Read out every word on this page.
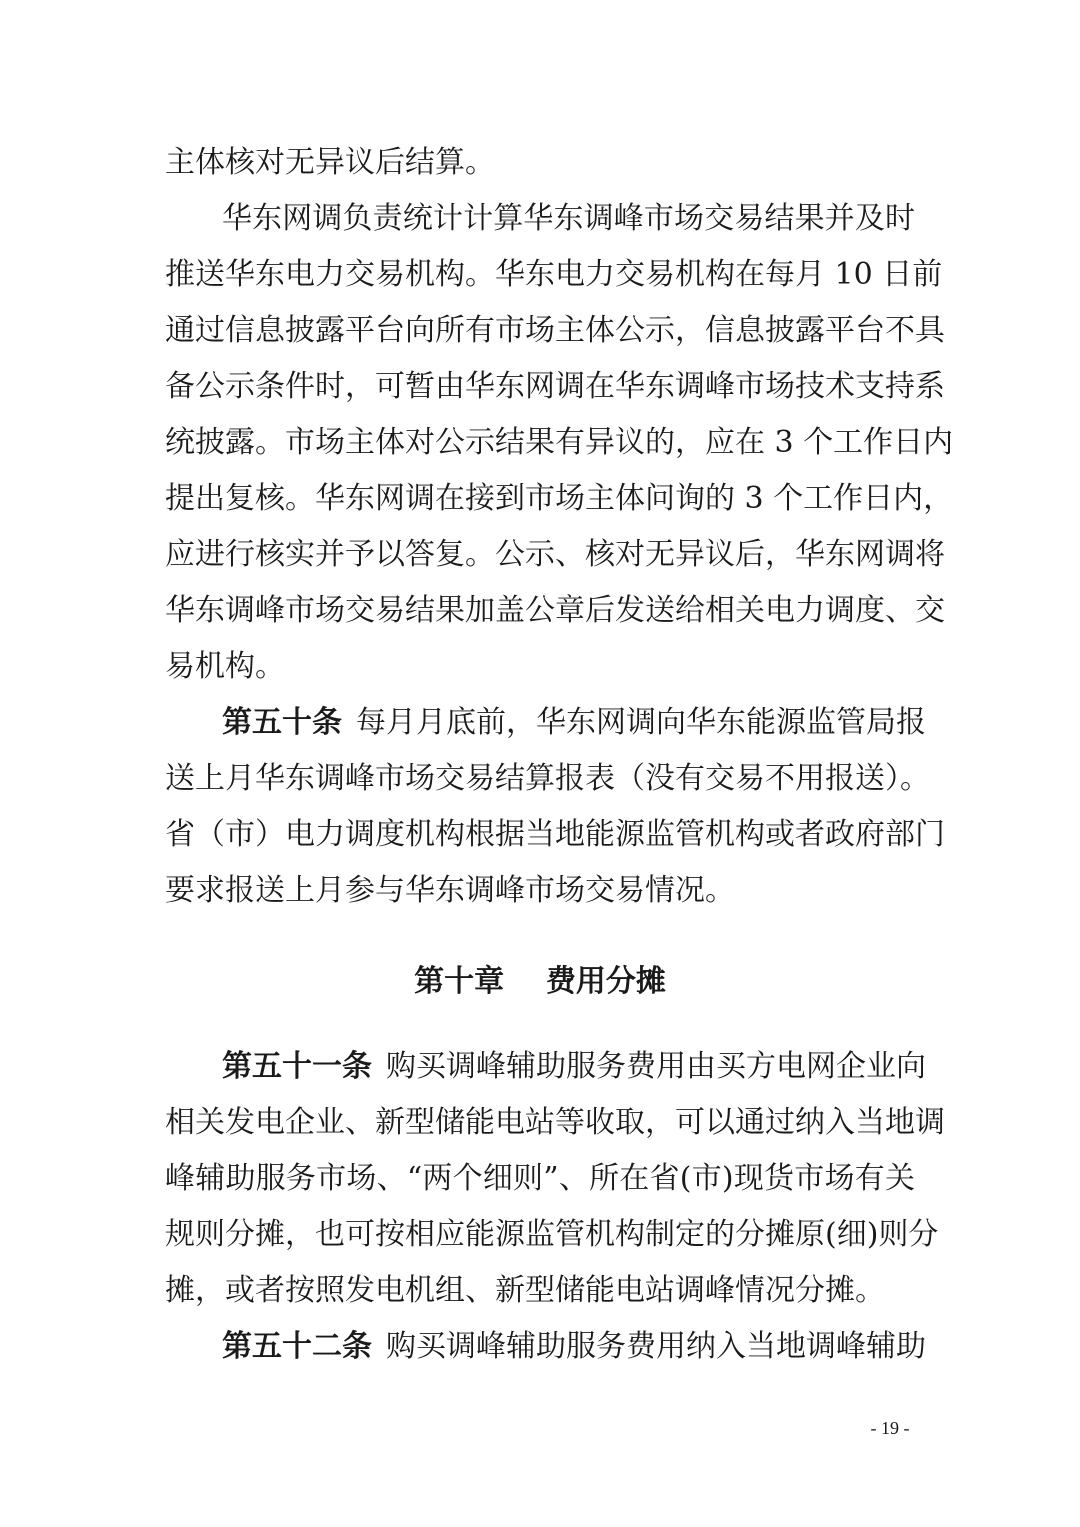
主体核对无异议后结算。
华东网调负责统计计算华东调峰市场交易结果并及时
推送华东电力交易机构。华东电力交易机构在每月 10 日前
通过信息披露平台向所有市场主体公示，信息披露平台不具
备公示条件时，可暂由华东网调在华东调峰市场技术支持系
统披露。市场主体对公示结果有异议的，应在 3 个工作日内
提出复核。华东网调在接到市场主体问询的 3 个工作日内，
应进行核实并予以答复。公示、核对无异议后，华东网调将
华东调峰市场交易结果加盖公章后发送给相关电力调度、交
易机构。
第五十条 每月月底前，华东网调向华东能源监管局报
送上月华东调峰市场交易结算报表（没有交易不用报送）。
省（市）电力调度机构根据当地能源监管机构或者政府部门
要求报送上月参与华东调峰市场交易情况。
第十章    费用分摊
第五十一条 购买调峰辅助服务费用由买方电网企业向
相关发电企业、新型储能电站等收取，可以通过纳入当地调
峰辅助服务市场、“两个细则”、所在省(市)现货市场有关
规则分摊，也可按相应能源监管机构制定的分摊原(细)则分
摊，或者按照发电机组、新型储能电站调峰情况分摊。
第五十二条 购买调峰辅助服务费用纳入当地调峰辅助
- 19 -
